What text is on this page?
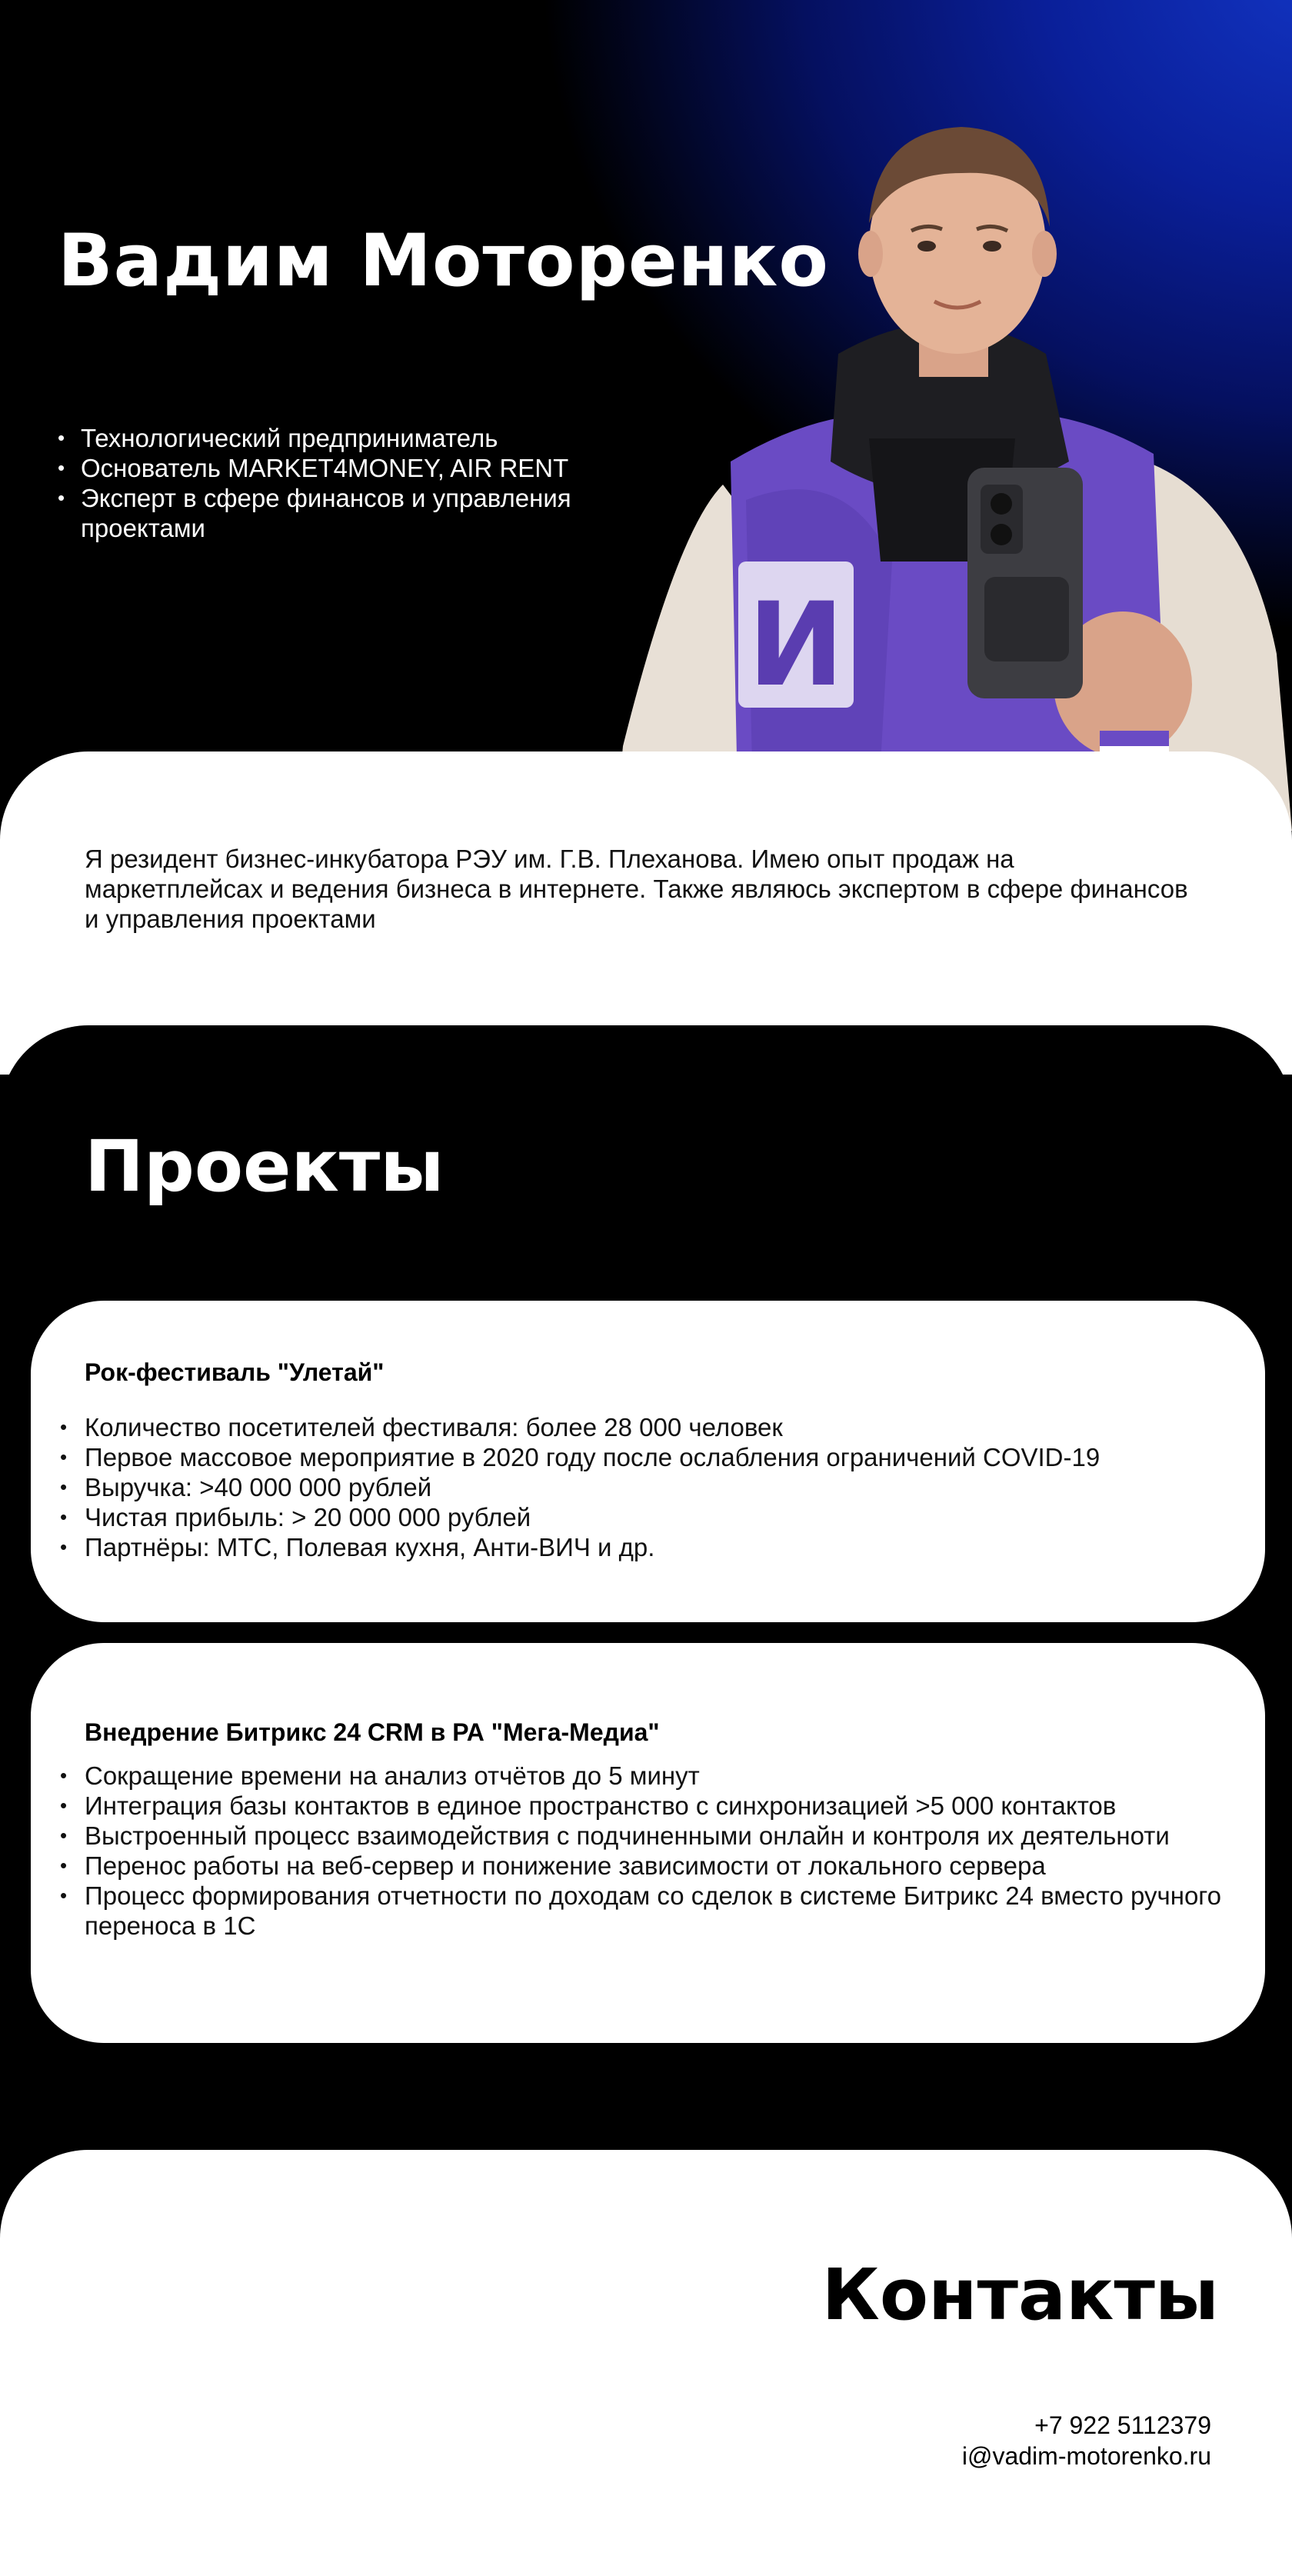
Вадим Моторенко
• Технологический предприниматель
• Основатель MARKET4MONEY, AIR RENT
• Эксперт в сфере финансов и управления проектами
И

Я резидент бизнес-инкубатора РЭУ им. Г.В. Плеханова. Имею опыт продаж на маркетплейсах и ведения бизнеса в интернете. Также являюсь экспертом в сфере финансов и управления проектами

Проекты
Рок-фестиваль "Улетай"
• Количество посетителей фестиваля: более 28 000 человек
• Первое массовое мероприятие в 2020 году после ослабления ограничений COVID-19
• Выручка: >40 000 000 рублей
• Чистая прибыль: > 20 000 000 рублей
• Партнёры: МТС, Полевая кухня, Анти-ВИЧ и др.
Внедрение Битрикс 24 CRM в РА "Мега-Медиа"
• Сокращение времени на анализ отчётов до 5 минут
• Интеграция базы контактов в единое пространство с синхронизацией >5 000 контактов
• Выстроенный процесс взаимодействия с подчиненными онлайн и контроля их деятельноти
• Перенос работы на веб-сервер и понижение зависимости от локального сервера
• Процесс формирования отчетности по доходам со сделок в системе Битрикс 24 вместо ручного переноса в 1С
Контакты
+7 922 5112379
i@vadim-motorenko.ru
